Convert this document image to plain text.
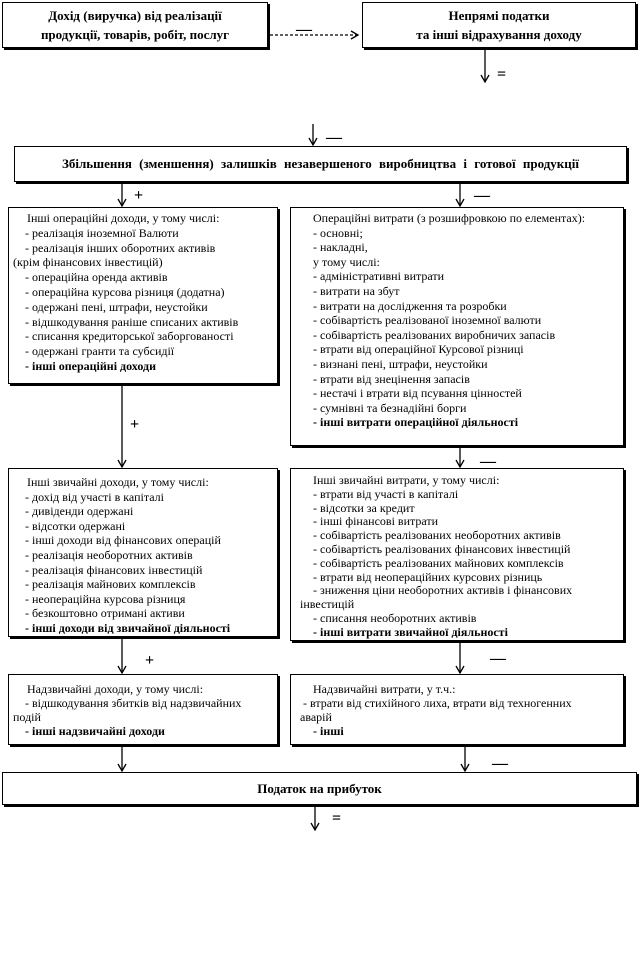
Дохід (виручка) від реалізації
продукції, товарів, робіт, послуг
Непрямі податки
та інші відрахування доходу
Збільшення (зменшення) залишків незавершеного виробництва і готової продукції
Інші операційні доходи, у тому числі:
- реалізація іноземної Валюти
- реалізація інших оборотних активів
(крім фінансових інвестицій)
- операційна оренда активів
- операційна курсова різниця (додатна)
- одержані пені, штрафи, неустойки
- відшкодування раніше списаних активів
- списання кредиторської заборгованості
- одержані гранти та субсидії
- інші операційні доходи
Операційні витрати (з розшифровкою по елементах):
- основні;
- накладні,
у тому числі:
- адміністративні витрати
- витрати на збут
- витрати на дослідження та розробки
- собівартість реалізованої іноземної валюти
- собівартість реалізованих виробничих запасів
- втрати від операційної Курсової різниці
- визнані пені, штрафи, неустойки
- втрати від знецінення запасів
- нестачі і втрати від псування цінностей
- сумнівні та безнадійні борги
- інші витрати операційної діяльності
Інші звичайні доходи, у тому числі:
- дохід від участі в капіталі
- дивіденди одержані
- відсотки одержані
- інші доходи від фінансових операцій
- реалізація необоротних активів
- реалізація фінансових інвестицій
- реалізація майнових комплексів
- неопераційна курсова різниця
- безкоштовно отримані активи
- інші доходи від звичайної діяльності
Інші звичайні витрати, у тому числі:
- втрати від участі в капіталі
- відсотки за кредит
- інші фінансові витрати
- собівартість реалізованих необоротних активів
- собівартість реалізованих фінансових інвестицій
- собівартість реалізованих майнових комплексів
- втрати від неопераційних курсових різниць
- зниження ціни необоротних активів і фінансових
інвестицій
- списання необоротних активів
- інші витрати звичайної діяльності
Надзвичайні доходи, у тому числі:
- відшкодування збитків від надзвичайних
подій
- інші надзвичайні доходи
Надзвичайні витрати, у т.ч.:
- втрати від стихійного лиха, втрати від техногенних
аварій
- інші
Податок на прибуток
—
=
—
+	—
+
—
+	—
—
=
